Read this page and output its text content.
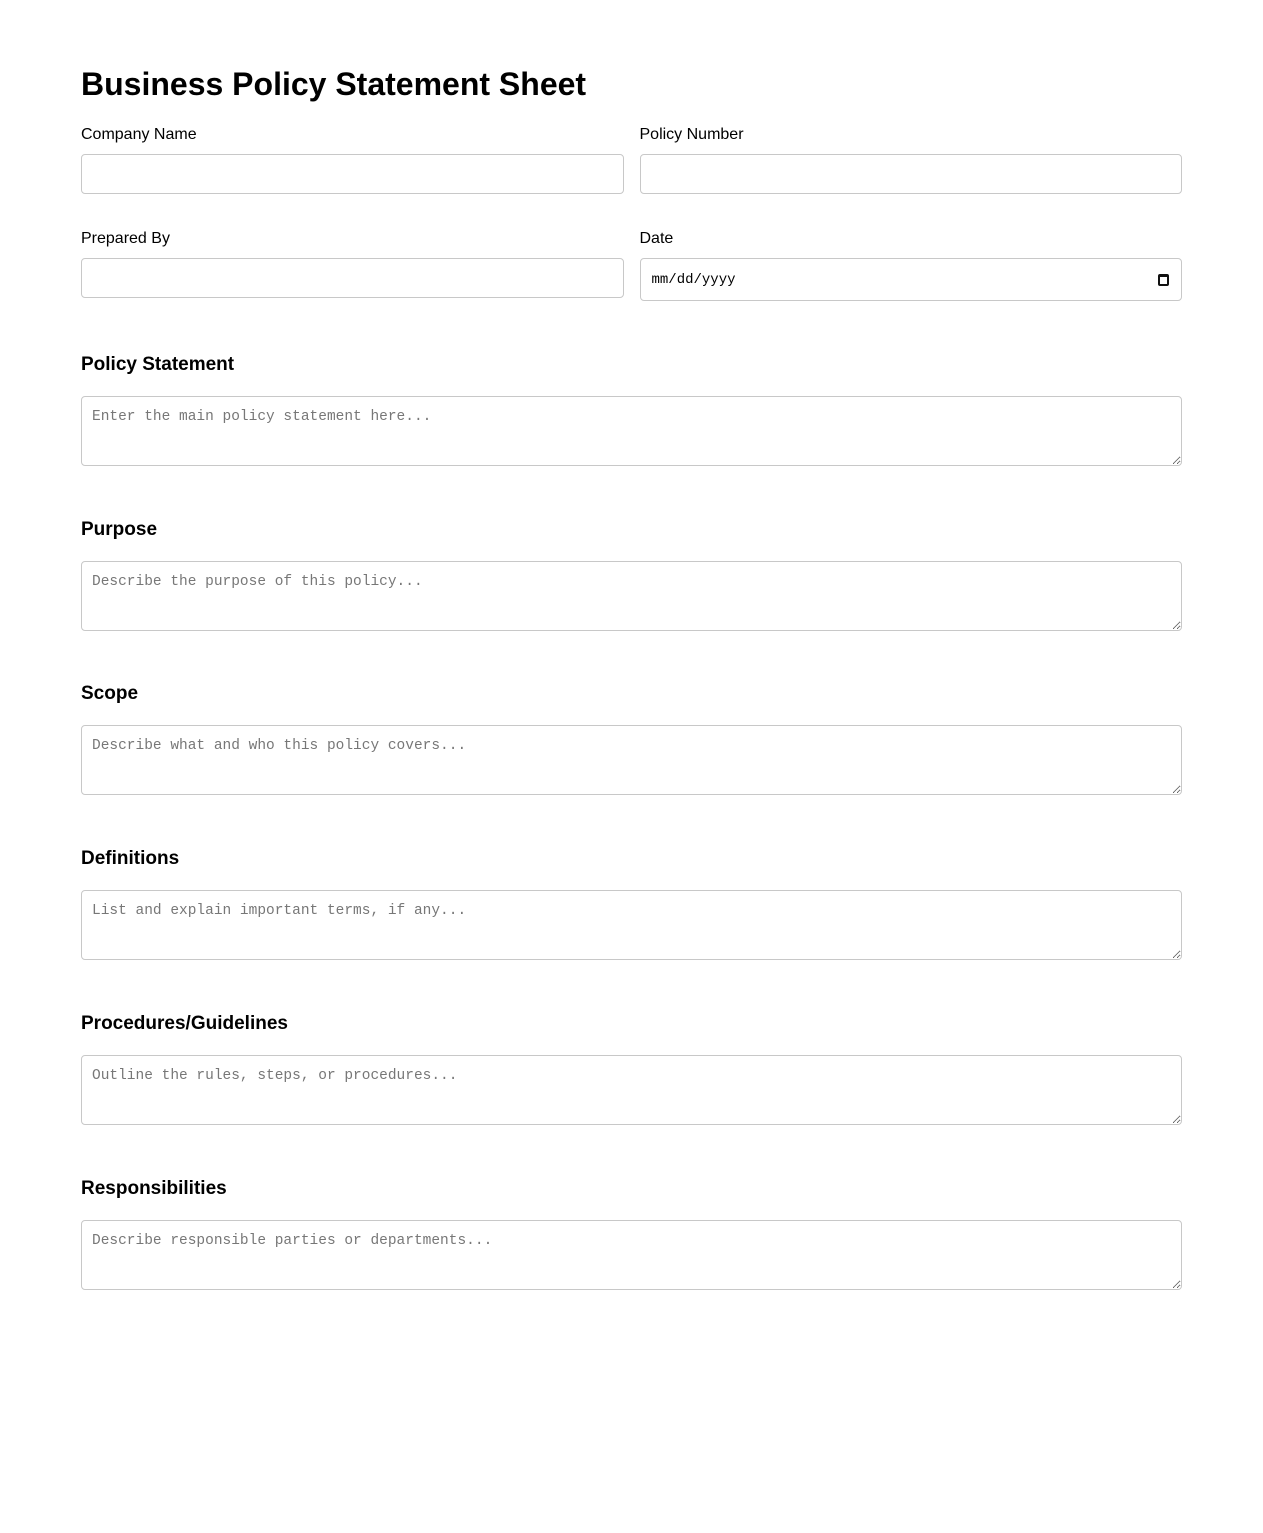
Business Policy Statement Sheet
Company Name	Policy Number
Prepared By	Date
mm/dd/yyyy
Policy Statement
Enter the main policy statement here...
Purpose
Describe the purpose of this policy...
Scope
Describe what and who this policy covers...
Definitions
List and explain important terms, if any...
Procedures/Guidelines
Outline the rules, steps, or procedures...
Responsibilities
Describe responsible parties or departments...
